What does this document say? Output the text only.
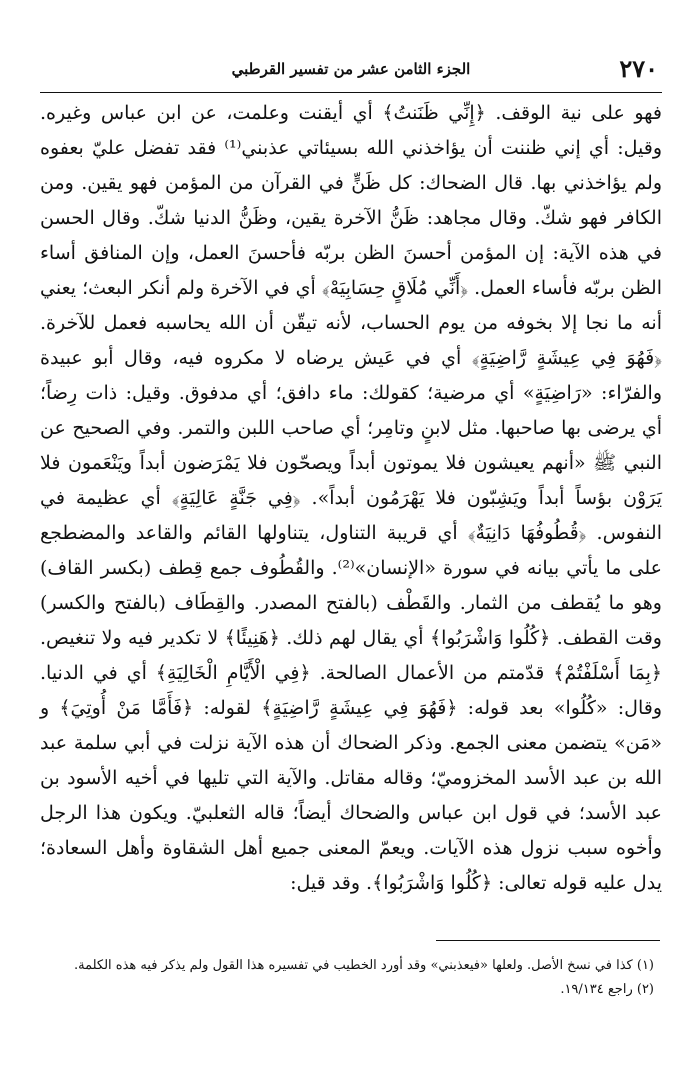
٢٧٠
الجزء الثامن عشر من تفسير القرطبي

فهو على نية الوقف. ﴿إِنِّي ظَنَنتُ﴾ أي أيقنت وعلمت، عن ابن عباس وغيره. وقيل: أي إني ظننت أن يؤاخذني الله بسيئاتي عذبني⁽¹⁾ فقد تفضل عليّ بعفوه ولم يؤاخذني بها. قال الضحاك: كل ظَنٍّ في القرآن من المؤمن فهو يقين. ومن الكافر فهو شكّ. وقال مجاهد: ظَنُّ الآخرة يقين، وظَنُّ الدنيا شكّ. وقال الحسن في هذه الآية: إن المؤمن أحسنَ الظن بربّه فأحسنَ العمل، وإن المنافق أساء الظن بربّه فأساء العمل. ﴿أَنِّي مُلَاقٍ حِسَابِيَهْ﴾ أي في الآخرة ولم أنكر البعث؛ يعني أنه ما نجا إلا بخوفه من يوم الحساب، لأنه تيقّن أن الله يحاسبه فعمل للآخرة. ﴿فَهُوَ فِي عِيشَةٍ رَّاضِيَةٍ﴾ أي في عَيش يرضاه لا مكروه فيه، وقال أبو عبيدة والفرّاء: «رَاضِيَةٍ» أي مرضية؛ كقولك: ماء دافق؛ أي مدفوق. وقيل: ذات رِضاً؛ أي يرضى بها صاحبها. مثل لابنٍ وتامِر؛ أي صاحب اللبن والتمر. وفي الصحيح عن النبي ﷺ «أنهم يعيشون فلا يموتون أبداً ويصحّون فلا يَمْرَضون أبداً ويَنْعَمون فلا يَرَوْن بؤساً أبداً ويَشِبّون فلا يَهْرَمُون أبداً». ﴿فِي جَنَّةٍ عَالِيَةٍ﴾ أي عظيمة في النفوس. ﴿قُطُوفُهَا دَانِيَةٌ﴾ أي قريبة التناول، يتناولها القائم والقاعد والمضطجع على ما يأتي بيانه في سورة «الإنسان»⁽²⁾. والقُطُوف جمع قِطف (بكسر القاف) وهو ما يُقطف من الثمار. والقَطْف (بالفتح المصدر. والقِطَاف (بالفتح والكسر) وقت القطف. ﴿كُلُوا وَاشْرَبُوا﴾ أي يقال لهم ذلك. ﴿هَنِيئًا﴾ لا تكدير فيه ولا تنغيص. ﴿بِمَا أَسْلَفْتُمْ﴾ قدّمتم من الأعمال الصالحة. ﴿فِي الْأَيَّامِ الْخَالِيَةِ﴾ أي في الدنيا. وقال: «كُلُوا» بعد قوله: ﴿فَهُوَ فِي عِيشَةٍ رَّاضِيَةٍ﴾ لقوله: ﴿فَأَمَّا مَنْ أُوتِيَ﴾ و «مَن» يتضمن معنى الجمع. وذكر الضحاك أن هذه الآية نزلت في أبي سلمة عبد الله بن عبد الأسد المخزوميّ؛ وقاله مقاتل. والآية التي تليها في أخيه الأسود بن عبد الأسد؛ في قول ابن عباس والضحاك أيضاً؛ قاله الثعلبيّ. ويكون هذا الرجل وأخوه سبب نزول هذه الآيات. ويعمّ المعنى جميع أهل الشقاوة وأهل السعادة؛ يدل عليه قوله تعالى: ﴿كُلُوا وَاشْرَبُوا﴾. وقد قيل:

(١) كذا في نسخ الأصل. ولعلها «فيعذبني» وقد أورد الخطيب في تفسيره هذا القول ولم يذكر فيه هذه الكلمة.

(٢) راجع ١٩/١٣٤.
